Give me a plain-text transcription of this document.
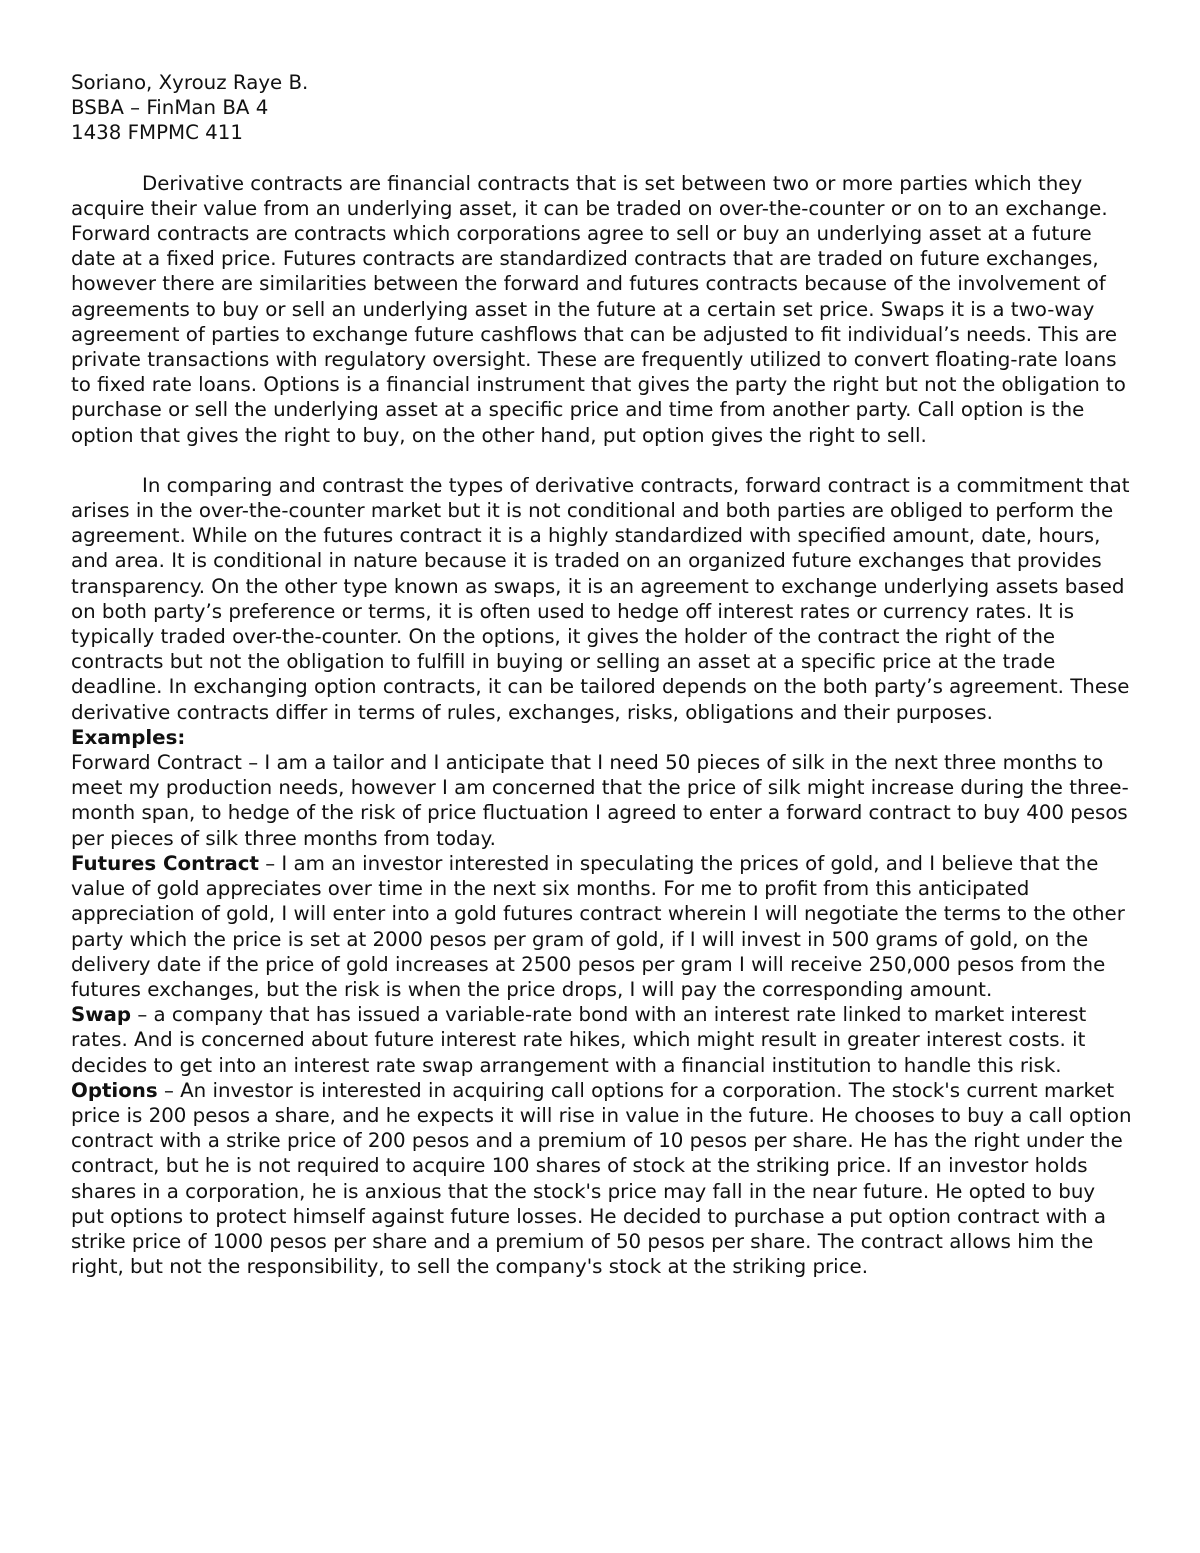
Soriano, Xyrouz Raye B.
BSBA – FinMan BA 4
1438 FMPMC 411

Derivative contracts are financial contracts that is set between two or more parties which they acquire their value from an underlying asset, it can be traded on over-the-counter or on to an exchange. Forward contracts are contracts which corporations agree to sell or buy an underlying asset at a future date at a fixed price. Futures contracts are standardized contracts that are traded on future exchanges, however there are similarities between the forward and futures contracts because of the involvement of agreements to buy or sell an underlying asset in the future at a certain set price. Swaps it is a two-way agreement of parties to exchange future cashflows that can be adjusted to fit individual’s needs. This are private transactions with regulatory oversight. These are frequently utilized to convert floating-rate loans to fixed rate loans. Options is a financial instrument that gives the party the right but not the obligation to purchase or sell the underlying asset at a specific price and time from another party. Call option is the option that gives the right to buy, on the other hand, put option gives the right to sell.

In comparing and contrast the types of derivative contracts, forward contract is a commitment that arises in the over-the-counter market but it is not conditional and both parties are obliged to perform the agreement. While on the futures contract it is a highly standardized with specified amount, date, hours, and area. It is conditional in nature because it is traded on an organized future exchanges that provides transparency. On the other type known as swaps, it is an agreement to exchange underlying assets based on both party’s preference or terms, it is often used to hedge off interest rates or currency rates. It is typically traded over-the-counter. On the options, it gives the holder of the contract the right of the contracts but not the obligation to fulfill in buying or selling an asset at a specific price at the trade deadline. In exchanging option contracts, it can be tailored depends on the both party’s agreement. These derivative contracts differ in terms of rules, exchanges, risks, obligations and their purposes.

Examples:

Forward Contract – I am a tailor and I anticipate that I need 50 pieces of silk in the next three months to meet my production needs, however I am concerned that the price of silk might increase during the three-month span, to hedge of the risk of price fluctuation I agreed to enter a forward contract to buy 400 pesos per pieces of silk three months from today.

Futures Contract – I am an investor interested in speculating the prices of gold, and I believe that the value of gold appreciates over time in the next six months. For me to profit from this anticipated appreciation of gold, I will enter into a gold futures contract wherein I will negotiate the terms to the other party which the price is set at 2000 pesos per gram of gold, if I will invest in 500 grams of gold, on the delivery date if the price of gold increases at 2500 pesos per gram I will receive 250,000 pesos from the futures exchanges, but the risk is when the price drops, I will pay the corresponding amount.

Swap – a company that has issued a variable-rate bond with an interest rate linked to market interest rates. And is concerned about future interest rate hikes, which might result in greater interest costs. it decides to get into an interest rate swap arrangement with a financial institution to handle this risk. Options – An investor is interested in acquiring call options for a corporation. The stock's current market price is 200 pesos a share, and he expects it will rise in value in the future. He chooses to buy a call option contract with a strike price of 200 pesos and a premium of 10 pesos per share. He has the right under the contract, but he is not required to acquire 100 shares of stock at the striking price. If an investor holds shares in a corporation, he is anxious that the stock's price may fall in the near future. He opted to buy put options to protect himself against future losses. He decided to purchase a put option contract with a strike price of 1000 pesos per share and a premium of 50 pesos per share. The contract allows him the right, but not the responsibility, to sell the company's stock at the striking price.
